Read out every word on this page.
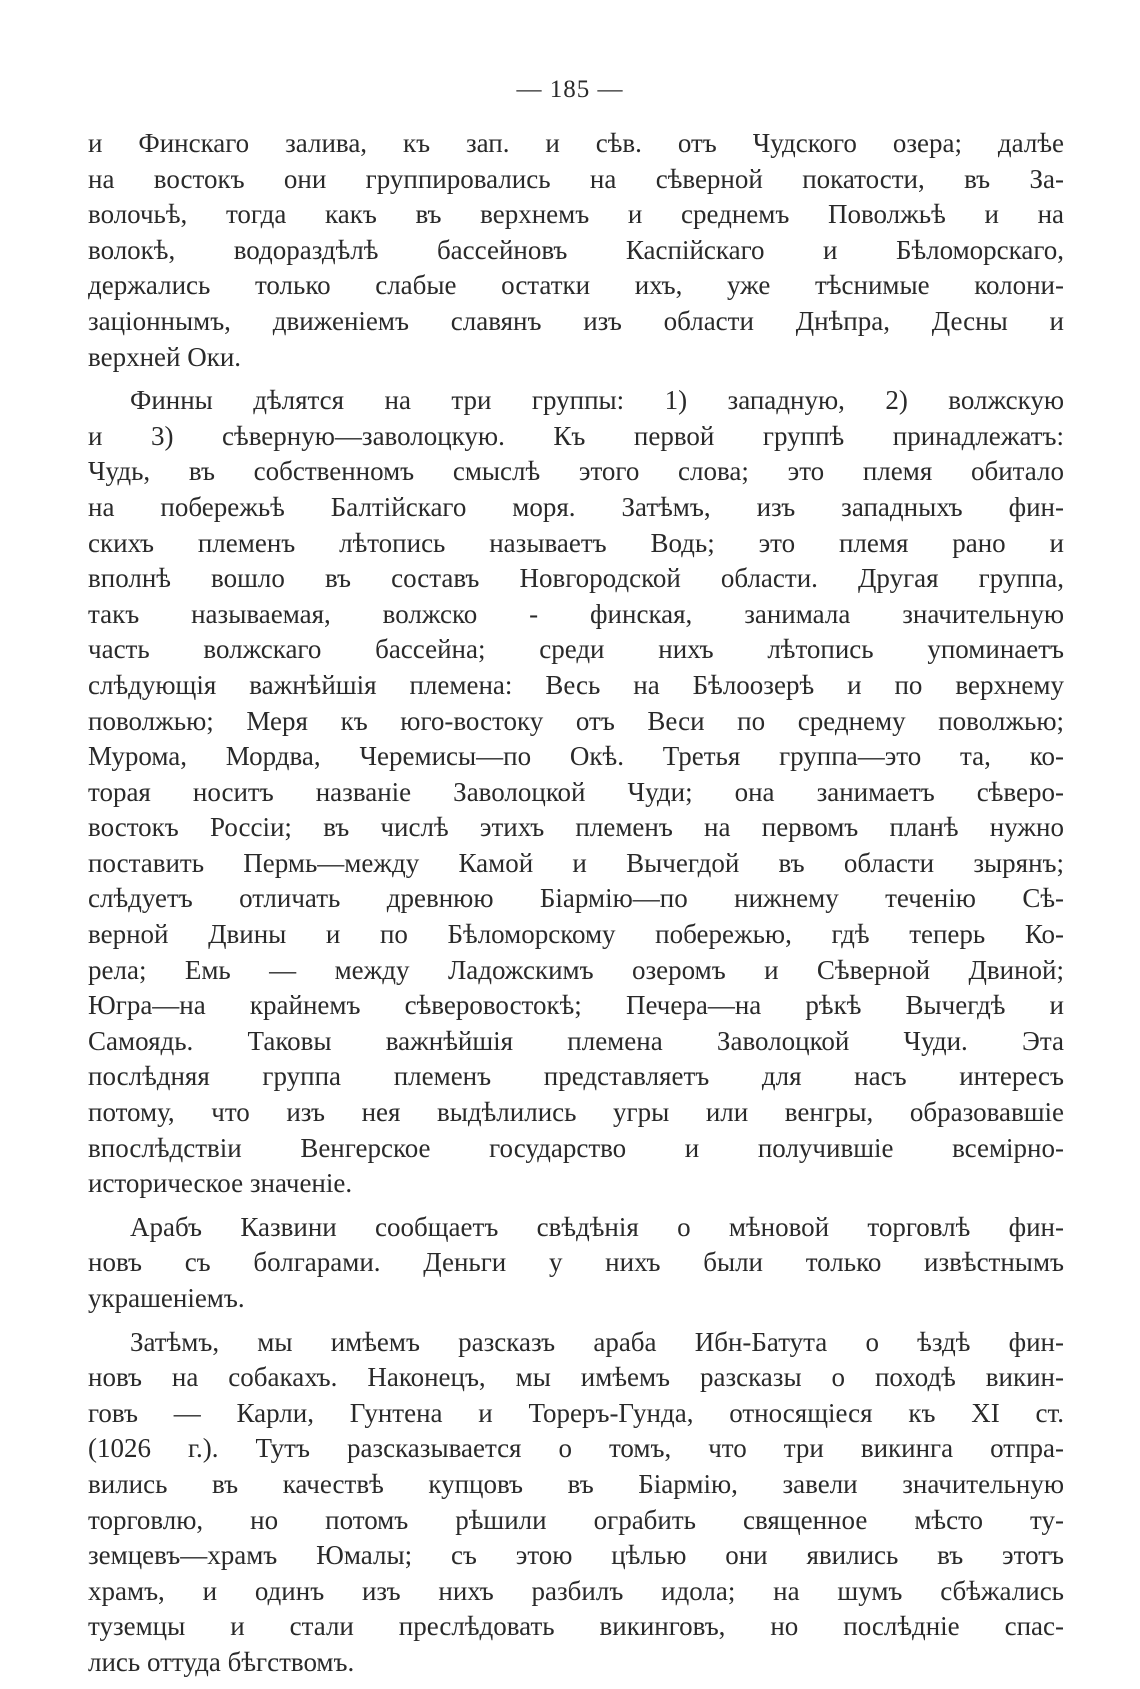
— 185 —
и Финскаго залива, къ зап. и сѣв. отъ Чудского озера; далѣе
на востокъ они группировались на сѣверной покатости, въ За-
волочьѣ, тогда какъ въ верхнемъ и среднемъ Поволжьѣ и на
волокѣ, водораздѣлѣ бассейновъ Каспiйскаго и Бѣломорскаго,
держались только слабые остатки ихъ, уже тѣснимые колони-
зацiоннымъ, движенiемъ славянъ изъ области Днѣпра, Десны и
верхней Оки.
Финны дѣлятся на три группы: 1) западную, 2) волжскую
и 3) сѣверную—заволоцкую. Къ первой группѣ принадлежатъ:
Чудь, въ собственномъ смыслѣ этого слова; это племя обитало
на побережьѣ Балтiйскаго моря. Затѣмъ, изъ западныхъ фин-
скихъ племенъ лѣтопись называетъ Водь; это племя рано и
вполнѣ вошло въ составъ Новгородской области. Другая группа,
такъ называемая, волжско - финская, занимала значительную
часть волжскаго бассейна; среди нихъ лѣтопись упоминаетъ
слѣдующiя важнѣйшiя племена: Весь на Бѣлоозерѣ и по верхнему
поволжью; Меря къ юго-востоку отъ Веси по среднему поволжью;
Мурома, Мордва, Черемисы—по Окѣ. Третья группа—это та, ко-
торая носитъ названiе Заволоцкой Чуди; она занимаетъ сѣверо-
востокъ Россiи; въ числѣ этихъ племенъ на первомъ планѣ нужно
поставить Пермь—между Камой и Вычегдой въ области зырянъ;
слѣдуетъ отличать древнюю Бiармiю—по нижнему теченiю Сѣ-
верной Двины и по Бѣломорскому побережью, гдѣ теперь Ко-
рела; Емь — между Ладожскимъ озеромъ и Сѣверной Двиной;
Югра—на крайнемъ сѣверовостокѣ; Печера—на рѣкѣ Вычегдѣ и
Самоядь. Таковы важнѣйшiя племена Заволоцкой Чуди. Эта
послѣдняя группа племенъ представляетъ для насъ интересъ
потому, что изъ нея выдѣлились угры или венгры, образовавшiе
впослѣдствiи Венгерское государство и получившiе всемiрно-
историческое значенiе.
Арабъ Казвини сообщаетъ свѣдѣнiя о мѣновой торговлѣ фин-
новъ съ болгарами. Деньги у нихъ были только извѣстнымъ
украшенiемъ.
Затѣмъ, мы имѣемъ разсказъ араба Ибн-Батута о ѣздѣ фин-
новъ на собакахъ. Наконецъ, мы имѣемъ разсказы о походѣ викин-
говъ — Карли, Гунтена и Тореръ-Гунда, относящiеся къ XI ст.
(1026 г.). Тутъ разсказывается о томъ, что три викинга отпра-
вились въ качествѣ купцовъ въ Бiармiю, завели значительную
торговлю, но потомъ рѣшили ограбить священное мѣсто ту-
земцевъ—храмъ Юмалы; съ этою цѣлью они явились въ этотъ
храмъ, и одинъ изъ нихъ разбилъ идола; на шумъ сбѣжались
туземцы и стали преслѣдовать викинговъ, но послѣднiе спас-
лись оттуда бѣгствомъ.
